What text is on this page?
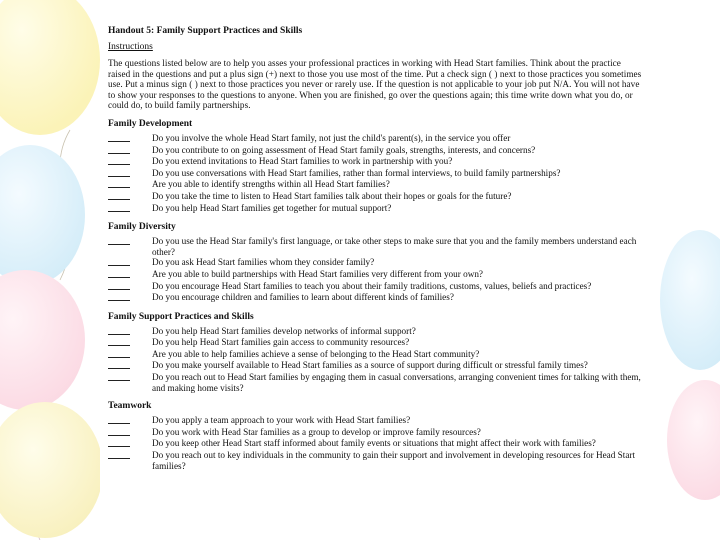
Handout 5: Family Support Practices and Skills
Instructions
The questions listed below are to help you asses your professional practices in working with Head Start families. Think about the practice raised in the questions and put a plus sign (+) next to those you use most of the time. Put a check sign ( ) next to those practices you sometimes use. Put a minus sign ( ) next to those practices you never or rarely use. If the question is not applicable to your job put N/A. You will not have to show your responses to the questions to anyone. When you are finished, go over the questions again; this time write down what you do, or could do, to build family partnerships.
Family Development
Do you involve the whole Head Start family, not just the child's parent(s), in the service you offer
Do you contribute to on going assessment of Head Start family goals, strengths, interests, and concerns?
Do you extend invitations to Head Start families to work in partnership with you?
Do you use conversations with Head Start families, rather than formal interviews, to build family partnerships?
Are you able to identify strengths within all Head Start families?
Do you take the time to listen to Head Start families talk about their hopes or goals for the future?
Do you help Head Start families get together for mutual support?
Family Diversity
Do you use the Head Star family's first language, or take other steps to make sure that you and the family members understand each other?
Do you ask Head Start families whom they consider family?
Are you able to build partnerships with Head Start families very different from your own?
Do you encourage Head Start families to teach you about their family traditions, customs, values, beliefs and practices?
Do you encourage children and families to learn about different kinds of families?
Family Support Practices and Skills
Do you help Head Start families develop networks of informal support?
Do you help Head Start families gain access to community resources?
Are you able to help families achieve a sense of belonging to the Head Start community?
Do you make yourself available to Head Start families as a source of support during difficult or stressful family times?
Do you reach out to Head Start families by engaging them in casual conversations, arranging convenient times for talking with them, and making home visits?
Teamwork
Do you apply a team approach to your work with Head Start families?
Do you work with Head Star families as a group to develop or improve family resources?
Do you keep other Head Start staff informed about family events or situations that might affect their work with families?
Do you reach out to key individuals in the community to gain their support and involvement in developing resources for Head Start families?
